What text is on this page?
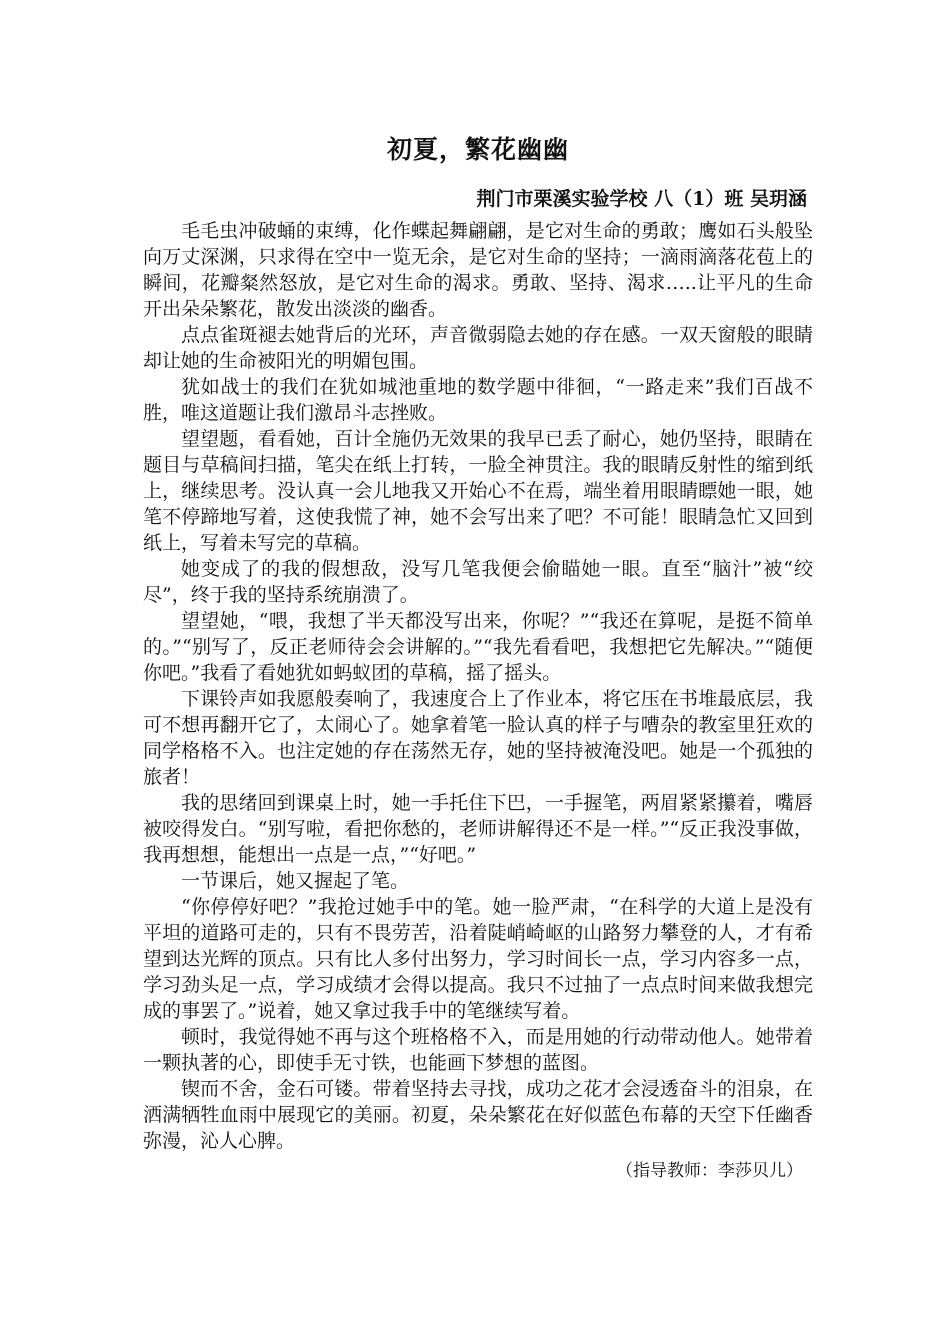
初夏，繁花幽幽
荆门市栗溪实验学校 八（1）班 吴玥涵

毛毛虫冲破蛹的束缚，化作蝶起舞翩翩，是它对生命的勇敢；鹰如石头般坠向万丈深渊，只求得在空中一览无余，是它对生命的坚持；一滴雨滴落花苞上的瞬间，花瓣粲然怒放，是它对生命的渴求。勇敢、坚持、渴求…..让平凡的生命开出朵朵繁花，散发出淡淡的幽香。

点点雀斑褪去她背后的光环，声音微弱隐去她的存在感。一双天窗般的眼睛却让她的生命被阳光的明媚包围。

犹如战士的我们在犹如城池重地的数学题中徘徊，“一路走来”我们百战不胜，唯这道题让我们激昂斗志挫败。

望望题，看看她，百计全施仍无效果的我早已丢了耐心，她仍坚持，眼睛在题目与草稿间扫描，笔尖在纸上打转，一脸全神贯注。我的眼睛反射性的缩到纸上，继续思考。没认真一会儿地我又开始心不在焉，端坐着用眼睛瞟她一眼，她笔不停蹄地写着，这使我慌了神，她不会写出来了吧？不可能！眼睛急忙又回到纸上，写着未写完的草稿。

她变成了的我的假想敌，没写几笔我便会偷瞄她一眼。直至“脑汁”被“绞尽”，终于我的坚持系统崩溃了。

望望她，“喂，我想了半天都没写出来，你呢？”“我还在算呢，是挺不简单的。”“别写了，反正老师待会会讲解的。”“我先看看吧，我想把它先解决。”“随便你吧。”我看了看她犹如蚂蚁团的草稿，摇了摇头。

下课铃声如我愿般奏响了，我速度合上了作业本，将它压在书堆最底层，我可不想再翻开它了，太闹心了。她拿着笔一脸认真的样子与嘈杂的教室里狂欢的同学格格不入。也注定她的存在荡然无存，她的坚持被淹没吧。她是一个孤独的旅者！

我的思绪回到课桌上时，她一手托住下巴，一手握笔，两眉紧紧攥着，嘴唇被咬得发白。“别写啦，看把你愁的，老师讲解得还不是一样。”“反正我没事做，我再想想，能想出一点是一点，”“好吧。”

一节课后，她又握起了笔。

“你停停好吧？”我抢过她手中的笔。她一脸严肃，“在科学的大道上是没有平坦的道路可走的，只有不畏劳苦，沿着陡峭崎岖的山路努力攀登的人，才有希望到达光辉的顶点。只有比人多付出努力，学习时间长一点，学习内容多一点，学习劲头足一点，学习成绩才会得以提高。我只不过抽了一点点时间来做我想完成的事罢了。”说着，她又拿过我手中的笔继续写着。

顿时，我觉得她不再与这个班格格不入，而是用她的行动带动他人。她带着一颗执著的心，即使手无寸铁，也能画下梦想的蓝图。

锲而不舍，金石可镂。带着坚持去寻找，成功之花才会浸透奋斗的泪泉，在洒满牺牲血雨中展现它的美丽。初夏，朵朵繁花在好似蓝色布幕的天空下任幽香弥漫，沁人心脾。

（指导教师：李莎贝儿）
